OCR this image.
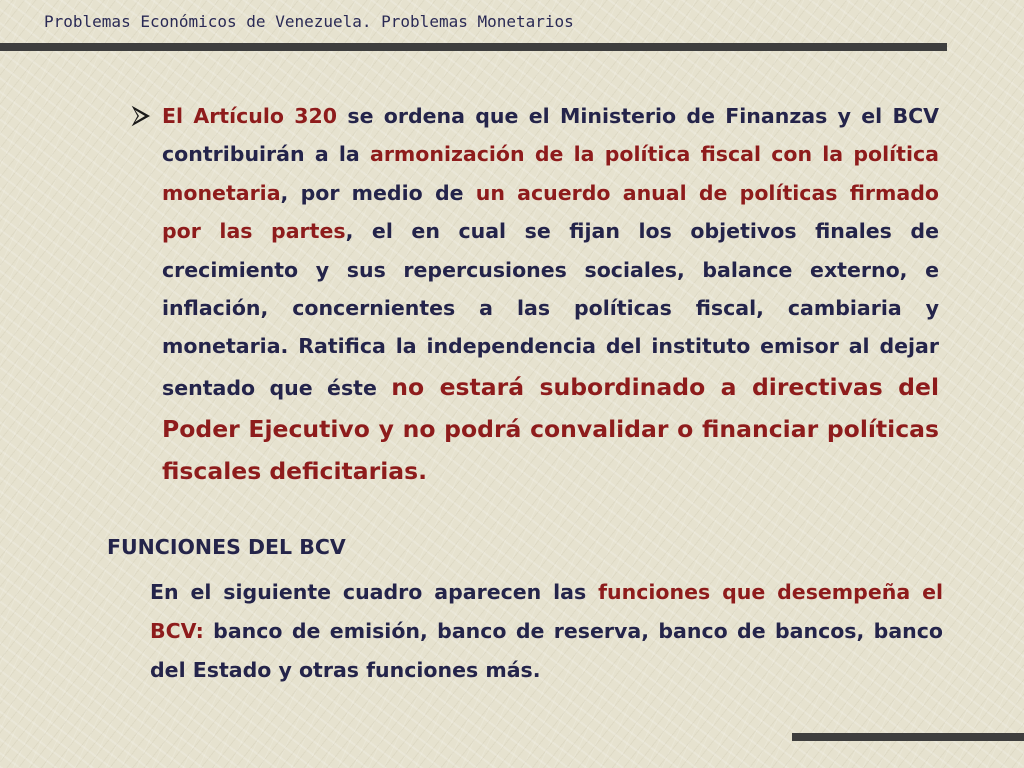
Problemas Económicos de Venezuela. Problemas Monetarios
El Artículo 320 se ordena que el Ministerio de Finanzas y el BCV contribuirán a la armonización de la política fiscal con la política monetaria, por medio de un acuerdo anual de políticas firmado por las partes, el en cual se fijan los objetivos finales de crecimiento y sus repercusiones sociales, balance externo, e inflación, concernientes a las políticas fiscal, cambiaria y monetaria. Ratifica la independencia del instituto emisor al dejar sentado que éste no estará subordinado a directivas del Poder Ejecutivo y no podrá convalidar o financiar políticas fiscales deficitarias.
FUNCIONES DEL BCV
En el siguiente cuadro aparecen las funciones que desempeña el BCV: banco de emisión, banco de reserva, banco de bancos, banco del Estado y otras funciones más.
